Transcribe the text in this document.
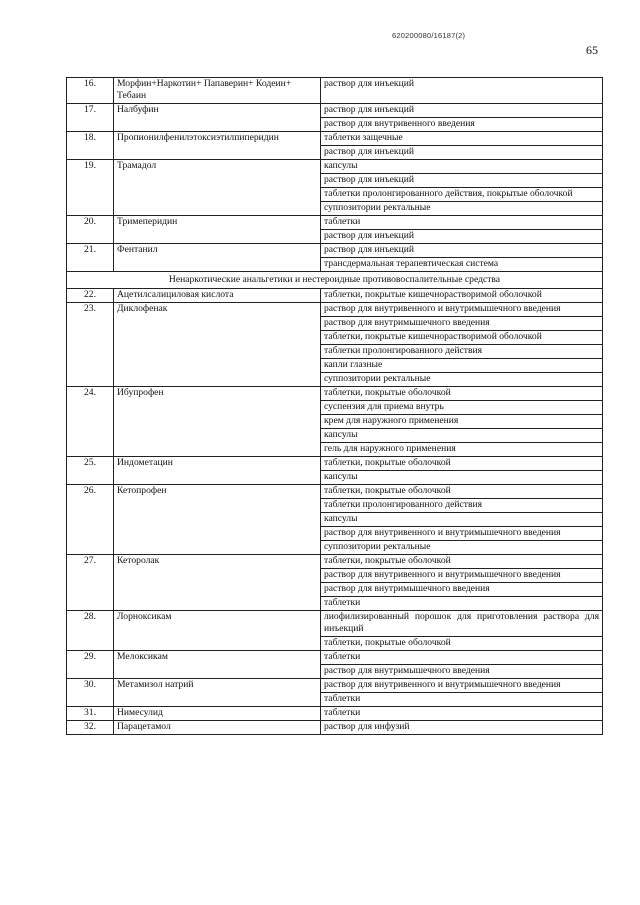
620200080/16187(2)
65
16.	Морфин+Наркотин+ Папаверин+ Кодеин+ Тебаин	раствор для инъекций
17.	Налбуфин	раствор для инъекций
		раствор для внутривенного введения
18.	Пропионилфенилэтоксиэтилпиперидин	таблетки защечные
		раствор для инъекций
19.	Трамадол	капсулы
		раствор для инъекций
		таблетки пролонгированного действия, покрытые оболочкой
		суппозитории ректальные
20.	Тримеперидин	таблетки
		раствор для инъекций
21.	Фентанил	раствор для инъекций
		трансдермальная терапевтическая система
Ненаркотические анальгетики и нестероидные противовоспалительные средства		
22.	Ацетилсалициловая кислота	таблетки, покрытые кишечнорастворимой оболочкой
23.	Диклофенак	раствор для внутривенного и внутримышечного введения
		раствор для внутримышечного введения
		таблетки, покрытые кишечнорастворимой оболочкой
		таблетки пролонгированного действия
		капли глазные
		суппозитории ректальные
24.	Ибупрофен	таблетки, покрытые оболочкой
		суспензия для приема внутрь
		крем для наружного применения
		капсулы
		гель для наружного применения
25.	Индометацин	таблетки, покрытые оболочкой
		капсулы
26.	Кетопрофен	таблетки, покрытые оболочкой
		таблетки пролонгированного действия
		капсулы
		раствор для внутривенного и внутримышечного введения
		суппозитории ректальные
27.	Кеторолак	таблетки, покрытые оболочкой
		раствор для внутривенного и внутримышечного введения
		раствор для внутримышечного введения
		таблетки
28.	Лорноксикам	лиофилизированный порошок для приготовления раствора для инъекций
		таблетки, покрытые оболочкой
29.	Мелоксикам	таблетки
		раствор для внутримышечного введения
30.	Метамизол натрий	раствор для внутривенного и внутримышечного введения
		таблетки
31.	Нимесулид	таблетки
32.	Парацетамол	раствор для инфузий
